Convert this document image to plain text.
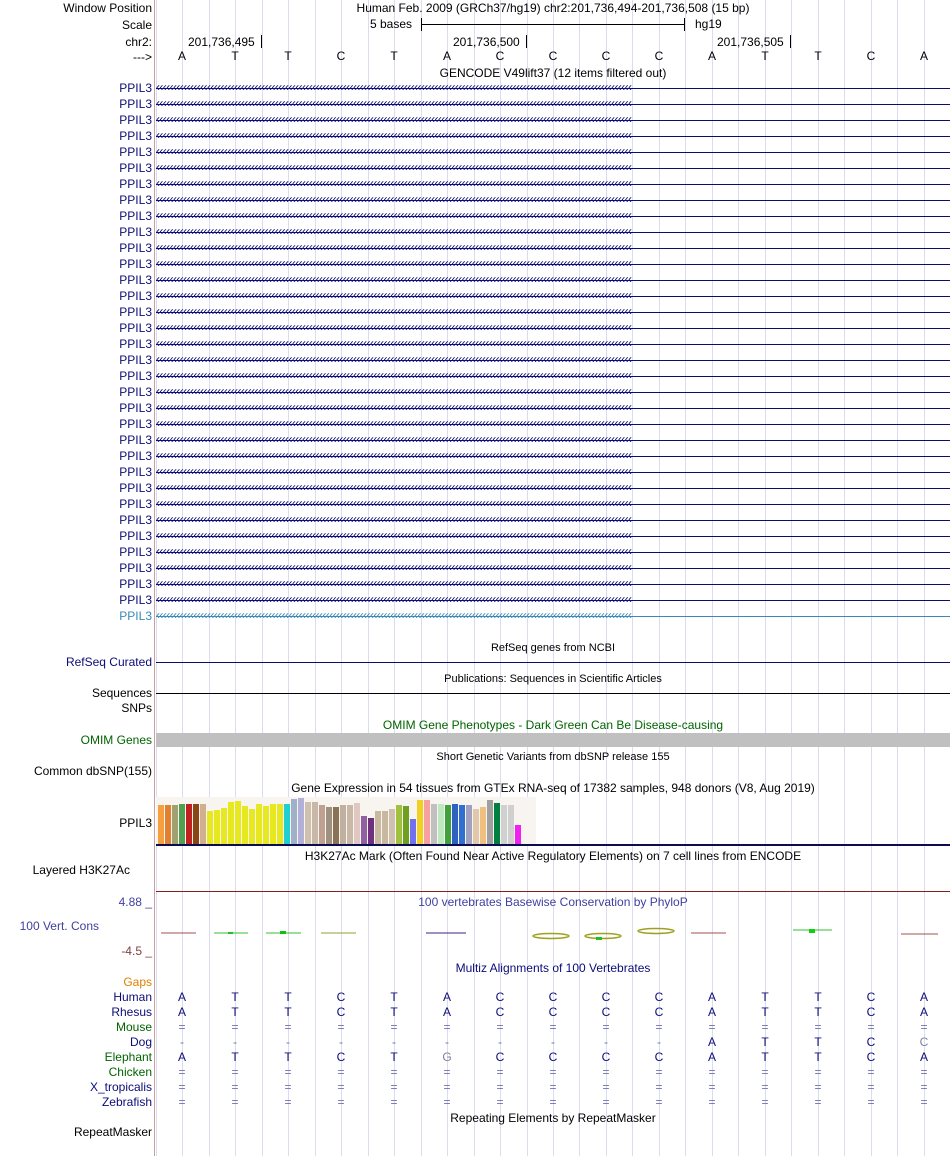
Window Position
Scale
chr2:
--->
PPIL3
PPIL3
PPIL3
PPIL3
PPIL3
PPIL3
PPIL3
PPIL3
PPIL3
PPIL3
PPIL3
PPIL3
PPIL3
PPIL3
PPIL3
PPIL3
PPIL3
PPIL3
PPIL3
PPIL3
PPIL3
PPIL3
PPIL3
PPIL3
PPIL3
PPIL3
PPIL3
PPIL3
PPIL3
PPIL3
PPIL3
PPIL3
PPIL3
PPIL3
RefSeq Curated
Sequences
SNPs
OMIM Genes
Common dbSNP(155)
PPIL3
Layered H3K27Ac
4.88 _
100 Vert. Cons
-4.5 _
Gaps
Human
Rhesus
Mouse
Dog
Elephant
Chicken
X_tropicalis
Zebrafish
RepeatMasker
Human Feb. 2009 (GRCh37/hg19) chr2:201,736,494-201,736,508 (15 bp)
5 bases	hg19
201,736,495	201,736,500	201,736,505
A	T	T	C	T	A	C	C	C	C	A	T	T	C	A
GENCODE V49lift37 (12 items filtered out)
‹‹‹‹‹‹‹‹‹‹‹‹‹‹‹‹‹‹‹‹‹‹‹‹‹‹‹‹‹‹‹‹‹‹‹‹‹‹‹‹‹‹‹‹‹‹‹‹‹‹‹‹‹‹‹‹‹‹‹‹‹‹‹‹‹‹‹‹‹‹‹‹‹‹‹‹‹‹‹‹‹‹‹‹‹‹‹‹‹‹‹‹‹‹‹‹‹‹‹‹‹‹‹‹‹‹‹‹‹‹‹‹‹‹‹‹‹‹‹‹‹‹‹‹‹‹‹‹‹‹‹‹‹‹‹‹‹‹‹‹
‹‹‹‹‹‹‹‹‹‹‹‹‹‹‹‹‹‹‹‹‹‹‹‹‹‹‹‹‹‹‹‹‹‹‹‹‹‹‹‹‹‹‹‹‹‹‹‹‹‹‹‹‹‹‹‹‹‹‹‹‹‹‹‹‹‹‹‹‹‹‹‹‹‹‹‹‹‹‹‹‹‹‹‹‹‹‹‹‹‹‹‹‹‹‹‹‹‹‹‹‹‹‹‹‹‹‹‹‹‹‹‹‹‹‹‹‹‹‹‹‹‹‹‹‹‹‹‹‹‹‹‹‹‹‹‹‹‹‹‹
‹‹‹‹‹‹‹‹‹‹‹‹‹‹‹‹‹‹‹‹‹‹‹‹‹‹‹‹‹‹‹‹‹‹‹‹‹‹‹‹‹‹‹‹‹‹‹‹‹‹‹‹‹‹‹‹‹‹‹‹‹‹‹‹‹‹‹‹‹‹‹‹‹‹‹‹‹‹‹‹‹‹‹‹‹‹‹‹‹‹‹‹‹‹‹‹‹‹‹‹‹‹‹‹‹‹‹‹‹‹‹‹‹‹‹‹‹‹‹‹‹‹‹‹‹‹‹‹‹‹‹‹‹‹‹‹‹‹‹‹
‹‹‹‹‹‹‹‹‹‹‹‹‹‹‹‹‹‹‹‹‹‹‹‹‹‹‹‹‹‹‹‹‹‹‹‹‹‹‹‹‹‹‹‹‹‹‹‹‹‹‹‹‹‹‹‹‹‹‹‹‹‹‹‹‹‹‹‹‹‹‹‹‹‹‹‹‹‹‹‹‹‹‹‹‹‹‹‹‹‹‹‹‹‹‹‹‹‹‹‹‹‹‹‹‹‹‹‹‹‹‹‹‹‹‹‹‹‹‹‹‹‹‹‹‹‹‹‹‹‹‹‹‹‹‹‹‹‹‹‹
‹‹‹‹‹‹‹‹‹‹‹‹‹‹‹‹‹‹‹‹‹‹‹‹‹‹‹‹‹‹‹‹‹‹‹‹‹‹‹‹‹‹‹‹‹‹‹‹‹‹‹‹‹‹‹‹‹‹‹‹‹‹‹‹‹‹‹‹‹‹‹‹‹‹‹‹‹‹‹‹‹‹‹‹‹‹‹‹‹‹‹‹‹‹‹‹‹‹‹‹‹‹‹‹‹‹‹‹‹‹‹‹‹‹‹‹‹‹‹‹‹‹‹‹‹‹‹‹‹‹‹‹‹‹‹‹‹‹‹‹
‹‹‹‹‹‹‹‹‹‹‹‹‹‹‹‹‹‹‹‹‹‹‹‹‹‹‹‹‹‹‹‹‹‹‹‹‹‹‹‹‹‹‹‹‹‹‹‹‹‹‹‹‹‹‹‹‹‹‹‹‹‹‹‹‹‹‹‹‹‹‹‹‹‹‹‹‹‹‹‹‹‹‹‹‹‹‹‹‹‹‹‹‹‹‹‹‹‹‹‹‹‹‹‹‹‹‹‹‹‹‹‹‹‹‹‹‹‹‹‹‹‹‹‹‹‹‹‹‹‹‹‹‹‹‹‹‹‹‹‹
‹‹‹‹‹‹‹‹‹‹‹‹‹‹‹‹‹‹‹‹‹‹‹‹‹‹‹‹‹‹‹‹‹‹‹‹‹‹‹‹‹‹‹‹‹‹‹‹‹‹‹‹‹‹‹‹‹‹‹‹‹‹‹‹‹‹‹‹‹‹‹‹‹‹‹‹‹‹‹‹‹‹‹‹‹‹‹‹‹‹‹‹‹‹‹‹‹‹‹‹‹‹‹‹‹‹‹‹‹‹‹‹‹‹‹‹‹‹‹‹‹‹‹‹‹‹‹‹‹‹‹‹‹‹‹‹‹‹‹‹
‹‹‹‹‹‹‹‹‹‹‹‹‹‹‹‹‹‹‹‹‹‹‹‹‹‹‹‹‹‹‹‹‹‹‹‹‹‹‹‹‹‹‹‹‹‹‹‹‹‹‹‹‹‹‹‹‹‹‹‹‹‹‹‹‹‹‹‹‹‹‹‹‹‹‹‹‹‹‹‹‹‹‹‹‹‹‹‹‹‹‹‹‹‹‹‹‹‹‹‹‹‹‹‹‹‹‹‹‹‹‹‹‹‹‹‹‹‹‹‹‹‹‹‹‹‹‹‹‹‹‹‹‹‹‹‹‹‹‹‹
‹‹‹‹‹‹‹‹‹‹‹‹‹‹‹‹‹‹‹‹‹‹‹‹‹‹‹‹‹‹‹‹‹‹‹‹‹‹‹‹‹‹‹‹‹‹‹‹‹‹‹‹‹‹‹‹‹‹‹‹‹‹‹‹‹‹‹‹‹‹‹‹‹‹‹‹‹‹‹‹‹‹‹‹‹‹‹‹‹‹‹‹‹‹‹‹‹‹‹‹‹‹‹‹‹‹‹‹‹‹‹‹‹‹‹‹‹‹‹‹‹‹‹‹‹‹‹‹‹‹‹‹‹‹‹‹‹‹‹‹
‹‹‹‹‹‹‹‹‹‹‹‹‹‹‹‹‹‹‹‹‹‹‹‹‹‹‹‹‹‹‹‹‹‹‹‹‹‹‹‹‹‹‹‹‹‹‹‹‹‹‹‹‹‹‹‹‹‹‹‹‹‹‹‹‹‹‹‹‹‹‹‹‹‹‹‹‹‹‹‹‹‹‹‹‹‹‹‹‹‹‹‹‹‹‹‹‹‹‹‹‹‹‹‹‹‹‹‹‹‹‹‹‹‹‹‹‹‹‹‹‹‹‹‹‹‹‹‹‹‹‹‹‹‹‹‹‹‹‹‹
‹‹‹‹‹‹‹‹‹‹‹‹‹‹‹‹‹‹‹‹‹‹‹‹‹‹‹‹‹‹‹‹‹‹‹‹‹‹‹‹‹‹‹‹‹‹‹‹‹‹‹‹‹‹‹‹‹‹‹‹‹‹‹‹‹‹‹‹‹‹‹‹‹‹‹‹‹‹‹‹‹‹‹‹‹‹‹‹‹‹‹‹‹‹‹‹‹‹‹‹‹‹‹‹‹‹‹‹‹‹‹‹‹‹‹‹‹‹‹‹‹‹‹‹‹‹‹‹‹‹‹‹‹‹‹‹‹‹‹‹
‹‹‹‹‹‹‹‹‹‹‹‹‹‹‹‹‹‹‹‹‹‹‹‹‹‹‹‹‹‹‹‹‹‹‹‹‹‹‹‹‹‹‹‹‹‹‹‹‹‹‹‹‹‹‹‹‹‹‹‹‹‹‹‹‹‹‹‹‹‹‹‹‹‹‹‹‹‹‹‹‹‹‹‹‹‹‹‹‹‹‹‹‹‹‹‹‹‹‹‹‹‹‹‹‹‹‹‹‹‹‹‹‹‹‹‹‹‹‹‹‹‹‹‹‹‹‹‹‹‹‹‹‹‹‹‹‹‹‹‹
‹‹‹‹‹‹‹‹‹‹‹‹‹‹‹‹‹‹‹‹‹‹‹‹‹‹‹‹‹‹‹‹‹‹‹‹‹‹‹‹‹‹‹‹‹‹‹‹‹‹‹‹‹‹‹‹‹‹‹‹‹‹‹‹‹‹‹‹‹‹‹‹‹‹‹‹‹‹‹‹‹‹‹‹‹‹‹‹‹‹‹‹‹‹‹‹‹‹‹‹‹‹‹‹‹‹‹‹‹‹‹‹‹‹‹‹‹‹‹‹‹‹‹‹‹‹‹‹‹‹‹‹‹‹‹‹‹‹‹‹
‹‹‹‹‹‹‹‹‹‹‹‹‹‹‹‹‹‹‹‹‹‹‹‹‹‹‹‹‹‹‹‹‹‹‹‹‹‹‹‹‹‹‹‹‹‹‹‹‹‹‹‹‹‹‹‹‹‹‹‹‹‹‹‹‹‹‹‹‹‹‹‹‹‹‹‹‹‹‹‹‹‹‹‹‹‹‹‹‹‹‹‹‹‹‹‹‹‹‹‹‹‹‹‹‹‹‹‹‹‹‹‹‹‹‹‹‹‹‹‹‹‹‹‹‹‹‹‹‹‹‹‹‹‹‹‹‹‹‹‹
‹‹‹‹‹‹‹‹‹‹‹‹‹‹‹‹‹‹‹‹‹‹‹‹‹‹‹‹‹‹‹‹‹‹‹‹‹‹‹‹‹‹‹‹‹‹‹‹‹‹‹‹‹‹‹‹‹‹‹‹‹‹‹‹‹‹‹‹‹‹‹‹‹‹‹‹‹‹‹‹‹‹‹‹‹‹‹‹‹‹‹‹‹‹‹‹‹‹‹‹‹‹‹‹‹‹‹‹‹‹‹‹‹‹‹‹‹‹‹‹‹‹‹‹‹‹‹‹‹‹‹‹‹‹‹‹‹‹‹‹
‹‹‹‹‹‹‹‹‹‹‹‹‹‹‹‹‹‹‹‹‹‹‹‹‹‹‹‹‹‹‹‹‹‹‹‹‹‹‹‹‹‹‹‹‹‹‹‹‹‹‹‹‹‹‹‹‹‹‹‹‹‹‹‹‹‹‹‹‹‹‹‹‹‹‹‹‹‹‹‹‹‹‹‹‹‹‹‹‹‹‹‹‹‹‹‹‹‹‹‹‹‹‹‹‹‹‹‹‹‹‹‹‹‹‹‹‹‹‹‹‹‹‹‹‹‹‹‹‹‹‹‹‹‹‹‹‹‹‹‹
‹‹‹‹‹‹‹‹‹‹‹‹‹‹‹‹‹‹‹‹‹‹‹‹‹‹‹‹‹‹‹‹‹‹‹‹‹‹‹‹‹‹‹‹‹‹‹‹‹‹‹‹‹‹‹‹‹‹‹‹‹‹‹‹‹‹‹‹‹‹‹‹‹‹‹‹‹‹‹‹‹‹‹‹‹‹‹‹‹‹‹‹‹‹‹‹‹‹‹‹‹‹‹‹‹‹‹‹‹‹‹‹‹‹‹‹‹‹‹‹‹‹‹‹‹‹‹‹‹‹‹‹‹‹‹‹‹‹‹‹
‹‹‹‹‹‹‹‹‹‹‹‹‹‹‹‹‹‹‹‹‹‹‹‹‹‹‹‹‹‹‹‹‹‹‹‹‹‹‹‹‹‹‹‹‹‹‹‹‹‹‹‹‹‹‹‹‹‹‹‹‹‹‹‹‹‹‹‹‹‹‹‹‹‹‹‹‹‹‹‹‹‹‹‹‹‹‹‹‹‹‹‹‹‹‹‹‹‹‹‹‹‹‹‹‹‹‹‹‹‹‹‹‹‹‹‹‹‹‹‹‹‹‹‹‹‹‹‹‹‹‹‹‹‹‹‹‹‹‹‹
‹‹‹‹‹‹‹‹‹‹‹‹‹‹‹‹‹‹‹‹‹‹‹‹‹‹‹‹‹‹‹‹‹‹‹‹‹‹‹‹‹‹‹‹‹‹‹‹‹‹‹‹‹‹‹‹‹‹‹‹‹‹‹‹‹‹‹‹‹‹‹‹‹‹‹‹‹‹‹‹‹‹‹‹‹‹‹‹‹‹‹‹‹‹‹‹‹‹‹‹‹‹‹‹‹‹‹‹‹‹‹‹‹‹‹‹‹‹‹‹‹‹‹‹‹‹‹‹‹‹‹‹‹‹‹‹‹‹‹‹
‹‹‹‹‹‹‹‹‹‹‹‹‹‹‹‹‹‹‹‹‹‹‹‹‹‹‹‹‹‹‹‹‹‹‹‹‹‹‹‹‹‹‹‹‹‹‹‹‹‹‹‹‹‹‹‹‹‹‹‹‹‹‹‹‹‹‹‹‹‹‹‹‹‹‹‹‹‹‹‹‹‹‹‹‹‹‹‹‹‹‹‹‹‹‹‹‹‹‹‹‹‹‹‹‹‹‹‹‹‹‹‹‹‹‹‹‹‹‹‹‹‹‹‹‹‹‹‹‹‹‹‹‹‹‹‹‹‹‹‹
‹‹‹‹‹‹‹‹‹‹‹‹‹‹‹‹‹‹‹‹‹‹‹‹‹‹‹‹‹‹‹‹‹‹‹‹‹‹‹‹‹‹‹‹‹‹‹‹‹‹‹‹‹‹‹‹‹‹‹‹‹‹‹‹‹‹‹‹‹‹‹‹‹‹‹‹‹‹‹‹‹‹‹‹‹‹‹‹‹‹‹‹‹‹‹‹‹‹‹‹‹‹‹‹‹‹‹‹‹‹‹‹‹‹‹‹‹‹‹‹‹‹‹‹‹‹‹‹‹‹‹‹‹‹‹‹‹‹‹‹
‹‹‹‹‹‹‹‹‹‹‹‹‹‹‹‹‹‹‹‹‹‹‹‹‹‹‹‹‹‹‹‹‹‹‹‹‹‹‹‹‹‹‹‹‹‹‹‹‹‹‹‹‹‹‹‹‹‹‹‹‹‹‹‹‹‹‹‹‹‹‹‹‹‹‹‹‹‹‹‹‹‹‹‹‹‹‹‹‹‹‹‹‹‹‹‹‹‹‹‹‹‹‹‹‹‹‹‹‹‹‹‹‹‹‹‹‹‹‹‹‹‹‹‹‹‹‹‹‹‹‹‹‹‹‹‹‹‹‹‹
‹‹‹‹‹‹‹‹‹‹‹‹‹‹‹‹‹‹‹‹‹‹‹‹‹‹‹‹‹‹‹‹‹‹‹‹‹‹‹‹‹‹‹‹‹‹‹‹‹‹‹‹‹‹‹‹‹‹‹‹‹‹‹‹‹‹‹‹‹‹‹‹‹‹‹‹‹‹‹‹‹‹‹‹‹‹‹‹‹‹‹‹‹‹‹‹‹‹‹‹‹‹‹‹‹‹‹‹‹‹‹‹‹‹‹‹‹‹‹‹‹‹‹‹‹‹‹‹‹‹‹‹‹‹‹‹‹‹‹‹
‹‹‹‹‹‹‹‹‹‹‹‹‹‹‹‹‹‹‹‹‹‹‹‹‹‹‹‹‹‹‹‹‹‹‹‹‹‹‹‹‹‹‹‹‹‹‹‹‹‹‹‹‹‹‹‹‹‹‹‹‹‹‹‹‹‹‹‹‹‹‹‹‹‹‹‹‹‹‹‹‹‹‹‹‹‹‹‹‹‹‹‹‹‹‹‹‹‹‹‹‹‹‹‹‹‹‹‹‹‹‹‹‹‹‹‹‹‹‹‹‹‹‹‹‹‹‹‹‹‹‹‹‹‹‹‹‹‹‹‹
‹‹‹‹‹‹‹‹‹‹‹‹‹‹‹‹‹‹‹‹‹‹‹‹‹‹‹‹‹‹‹‹‹‹‹‹‹‹‹‹‹‹‹‹‹‹‹‹‹‹‹‹‹‹‹‹‹‹‹‹‹‹‹‹‹‹‹‹‹‹‹‹‹‹‹‹‹‹‹‹‹‹‹‹‹‹‹‹‹‹‹‹‹‹‹‹‹‹‹‹‹‹‹‹‹‹‹‹‹‹‹‹‹‹‹‹‹‹‹‹‹‹‹‹‹‹‹‹‹‹‹‹‹‹‹‹‹‹‹‹
‹‹‹‹‹‹‹‹‹‹‹‹‹‹‹‹‹‹‹‹‹‹‹‹‹‹‹‹‹‹‹‹‹‹‹‹‹‹‹‹‹‹‹‹‹‹‹‹‹‹‹‹‹‹‹‹‹‹‹‹‹‹‹‹‹‹‹‹‹‹‹‹‹‹‹‹‹‹‹‹‹‹‹‹‹‹‹‹‹‹‹‹‹‹‹‹‹‹‹‹‹‹‹‹‹‹‹‹‹‹‹‹‹‹‹‹‹‹‹‹‹‹‹‹‹‹‹‹‹‹‹‹‹‹‹‹‹‹‹‹
‹‹‹‹‹‹‹‹‹‹‹‹‹‹‹‹‹‹‹‹‹‹‹‹‹‹‹‹‹‹‹‹‹‹‹‹‹‹‹‹‹‹‹‹‹‹‹‹‹‹‹‹‹‹‹‹‹‹‹‹‹‹‹‹‹‹‹‹‹‹‹‹‹‹‹‹‹‹‹‹‹‹‹‹‹‹‹‹‹‹‹‹‹‹‹‹‹‹‹‹‹‹‹‹‹‹‹‹‹‹‹‹‹‹‹‹‹‹‹‹‹‹‹‹‹‹‹‹‹‹‹‹‹‹‹‹‹‹‹‹
‹‹‹‹‹‹‹‹‹‹‹‹‹‹‹‹‹‹‹‹‹‹‹‹‹‹‹‹‹‹‹‹‹‹‹‹‹‹‹‹‹‹‹‹‹‹‹‹‹‹‹‹‹‹‹‹‹‹‹‹‹‹‹‹‹‹‹‹‹‹‹‹‹‹‹‹‹‹‹‹‹‹‹‹‹‹‹‹‹‹‹‹‹‹‹‹‹‹‹‹‹‹‹‹‹‹‹‹‹‹‹‹‹‹‹‹‹‹‹‹‹‹‹‹‹‹‹‹‹‹‹‹‹‹‹‹‹‹‹‹
‹‹‹‹‹‹‹‹‹‹‹‹‹‹‹‹‹‹‹‹‹‹‹‹‹‹‹‹‹‹‹‹‹‹‹‹‹‹‹‹‹‹‹‹‹‹‹‹‹‹‹‹‹‹‹‹‹‹‹‹‹‹‹‹‹‹‹‹‹‹‹‹‹‹‹‹‹‹‹‹‹‹‹‹‹‹‹‹‹‹‹‹‹‹‹‹‹‹‹‹‹‹‹‹‹‹‹‹‹‹‹‹‹‹‹‹‹‹‹‹‹‹‹‹‹‹‹‹‹‹‹‹‹‹‹‹‹‹‹‹
‹‹‹‹‹‹‹‹‹‹‹‹‹‹‹‹‹‹‹‹‹‹‹‹‹‹‹‹‹‹‹‹‹‹‹‹‹‹‹‹‹‹‹‹‹‹‹‹‹‹‹‹‹‹‹‹‹‹‹‹‹‹‹‹‹‹‹‹‹‹‹‹‹‹‹‹‹‹‹‹‹‹‹‹‹‹‹‹‹‹‹‹‹‹‹‹‹‹‹‹‹‹‹‹‹‹‹‹‹‹‹‹‹‹‹‹‹‹‹‹‹‹‹‹‹‹‹‹‹‹‹‹‹‹‹‹‹‹‹‹
‹‹‹‹‹‹‹‹‹‹‹‹‹‹‹‹‹‹‹‹‹‹‹‹‹‹‹‹‹‹‹‹‹‹‹‹‹‹‹‹‹‹‹‹‹‹‹‹‹‹‹‹‹‹‹‹‹‹‹‹‹‹‹‹‹‹‹‹‹‹‹‹‹‹‹‹‹‹‹‹‹‹‹‹‹‹‹‹‹‹‹‹‹‹‹‹‹‹‹‹‹‹‹‹‹‹‹‹‹‹‹‹‹‹‹‹‹‹‹‹‹‹‹‹‹‹‹‹‹‹‹‹‹‹‹‹‹‹‹‹
‹‹‹‹‹‹‹‹‹‹‹‹‹‹‹‹‹‹‹‹‹‹‹‹‹‹‹‹‹‹‹‹‹‹‹‹‹‹‹‹‹‹‹‹‹‹‹‹‹‹‹‹‹‹‹‹‹‹‹‹‹‹‹‹‹‹‹‹‹‹‹‹‹‹‹‹‹‹‹‹‹‹‹‹‹‹‹‹‹‹‹‹‹‹‹‹‹‹‹‹‹‹‹‹‹‹‹‹‹‹‹‹‹‹‹‹‹‹‹‹‹‹‹‹‹‹‹‹‹‹‹‹‹‹‹‹‹‹‹‹
‹‹‹‹‹‹‹‹‹‹‹‹‹‹‹‹‹‹‹‹‹‹‹‹‹‹‹‹‹‹‹‹‹‹‹‹‹‹‹‹‹‹‹‹‹‹‹‹‹‹‹‹‹‹‹‹‹‹‹‹‹‹‹‹‹‹‹‹‹‹‹‹‹‹‹‹‹‹‹‹‹‹‹‹‹‹‹‹‹‹‹‹‹‹‹‹‹‹‹‹‹‹‹‹‹‹‹‹‹‹‹‹‹‹‹‹‹‹‹‹‹‹‹‹‹‹‹‹‹‹‹‹‹‹‹‹‹‹‹‹
‹‹‹‹‹‹‹‹‹‹‹‹‹‹‹‹‹‹‹‹‹‹‹‹‹‹‹‹‹‹‹‹‹‹‹‹‹‹‹‹‹‹‹‹‹‹‹‹‹‹‹‹‹‹‹‹‹‹‹‹‹‹‹‹‹‹‹‹‹‹‹‹‹‹‹‹‹‹‹‹‹‹‹‹‹‹‹‹‹‹‹‹‹‹‹‹‹‹‹‹‹‹‹‹‹‹‹‹‹‹‹‹‹‹‹‹‹‹‹‹‹‹‹‹‹‹‹‹‹‹‹‹‹‹‹‹‹‹‹‹
RefSeq genes from NCBI
Publications: Sequences in Scientific Articles
OMIM Gene Phenotypes - Dark Green Can Be Disease-causing
Short Genetic Variants from dbSNP release 155
Gene Expression in 54 tissues from GTEx RNA-seq of 17382 samples, 948 donors (V8, Aug 2019)
H3K27Ac Mark (Often Found Near Active Regulatory Elements) on 7 cell lines from ENCODE
100 vertebrates Basewise Conservation by PhyloP
Multiz Alignments of 100 Vertebrates
A	T	T	C	T	A	C	C	C	C	A	T	T	C	A
A	T	T	C	T	A	C	C	C	C	A	T	T	C	A
=	=	=	=	=	=	=	=	=	=	=	=	=	=	=
-	-	-	-	-	-	-	-	-	-	A	T	T	C	C
A	T	T	C	T	G	C	C	C	C	A	T	T	C	A
=	=	=	=	=	=	=	=	=	=	=	=	=	=	=
=	=	=	=	=	=	=	=	=	=	=	=	=	=	=
=	=	=	=	=	=	=	=	=	=	=	=	=	=	=
Repeating Elements by RepeatMasker
